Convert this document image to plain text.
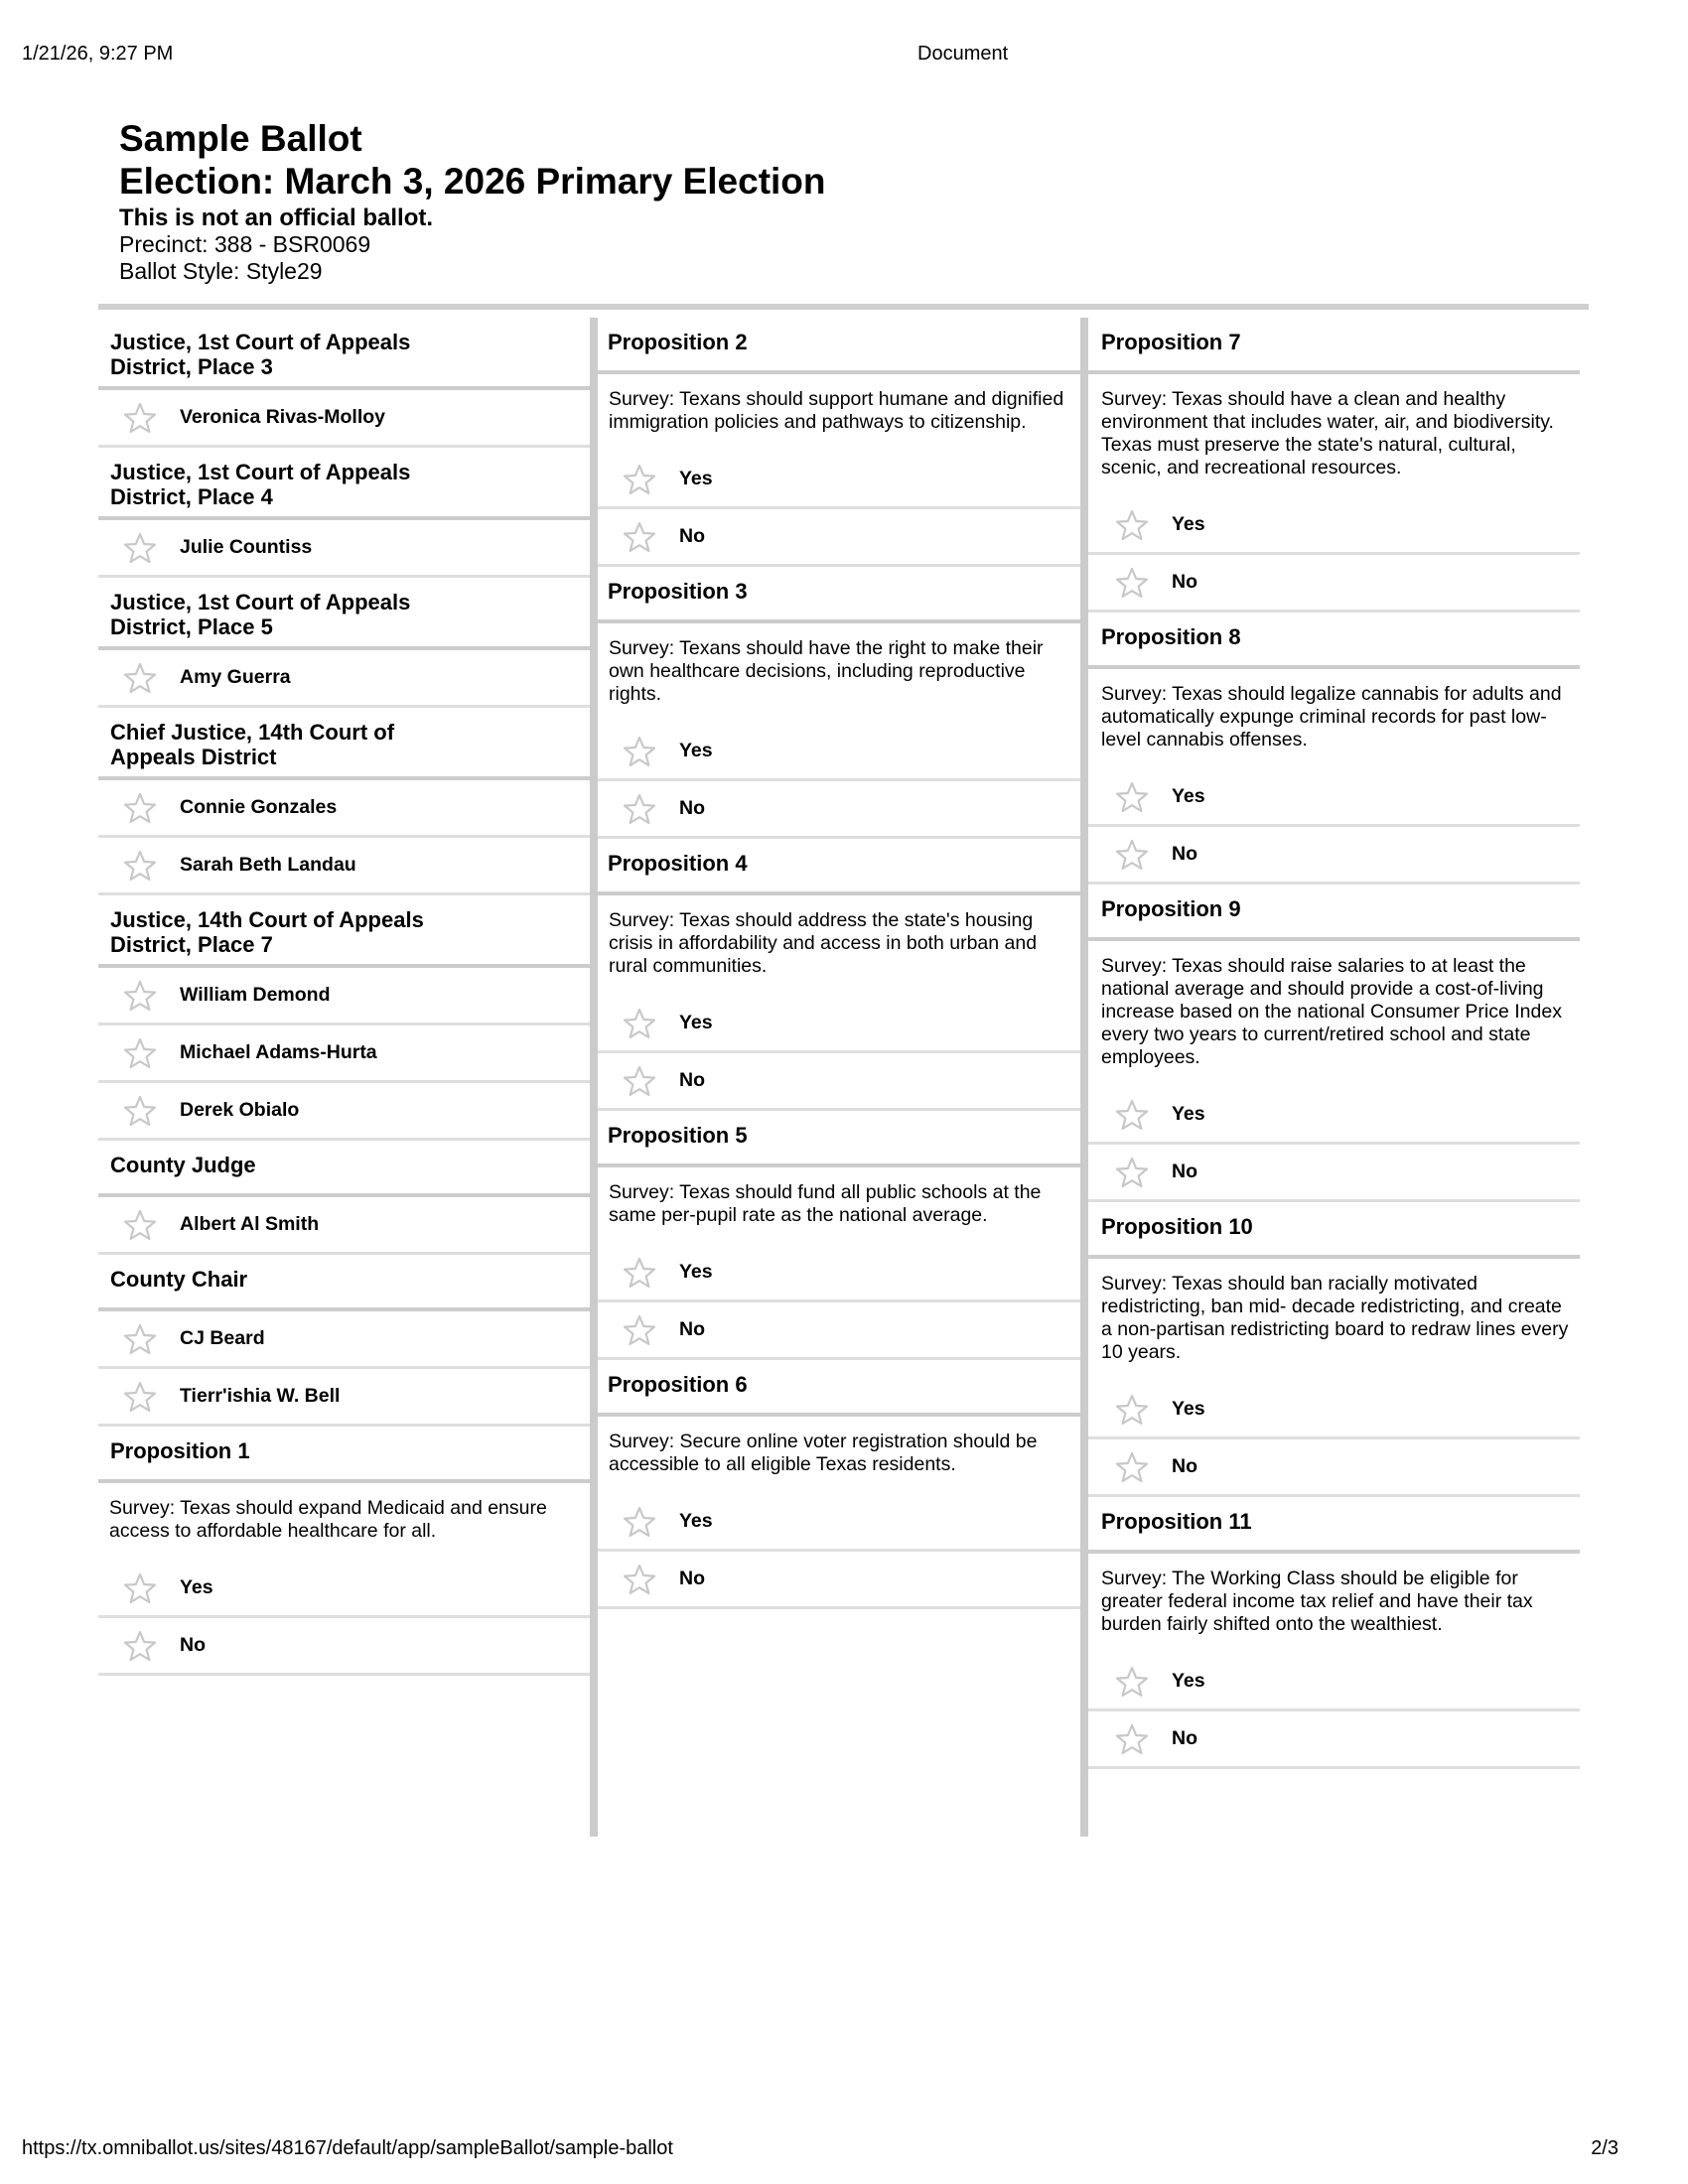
1/21/26, 9:27 PM	Document
Sample Ballot
Election: March 3, 2026 Primary Election
This is not an official ballot.
Precinct: 388 - BSR0069
Ballot Style: Style29
Justice, 1st Court of Appeals
District, Place 3
Veronica Rivas-Molloy
Justice, 1st Court of Appeals
District, Place 4
Julie Countiss
Justice, 1st Court of Appeals
District, Place 5
Amy Guerra
Chief Justice, 14th Court of
Appeals District
Connie Gonzales
Sarah Beth Landau
Justice, 14th Court of Appeals
District, Place 7
William Demond
Michael Adams-Hurta
Derek Obialo
County Judge
Albert Al Smith
County Chair
CJ Beard
Tierr'ishia W. Bell
Proposition 1
Survey: Texas should expand Medicaid and ensure access to affordable healthcare for all.
Yes
No
Proposition 2
Survey: Texans should support humane and dignified immigration policies and pathways to citizenship.
Yes
No
Proposition 3
Survey: Texans should have the right to make their own healthcare decisions, including reproductive rights.
Yes
No
Proposition 4
Survey: Texas should address the state's housing crisis in affordability and access in both urban and rural communities.
Yes
No
Proposition 5
Survey: Texas should fund all public schools at the same per-pupil rate as the national average.
Yes
No
Proposition 6
Survey: Secure online voter registration should be accessible to all eligible Texas residents.
Yes
No
Proposition 7
Survey: Texas should have a clean and healthy environment that includes water, air, and biodiversity. Texas must preserve the state's natural, cultural, scenic, and recreational resources.
Yes
No
Proposition 8
Survey: Texas should legalize cannabis for adults and automatically expunge criminal records for past low-level cannabis offenses.
Yes
No
Proposition 9
Survey: Texas should raise salaries to at least the national average and should provide a cost-of-living increase based on the national Consumer Price Index every two years to current/retired school and state employees.
Yes
No
Proposition 10
Survey: Texas should ban racially motivated redistricting, ban mid- decade redistricting, and create a non-partisan redistricting board to redraw lines every 10 years.
Yes
No
Proposition 11
Survey: The Working Class should be eligible for greater federal income tax relief and have their tax burden fairly shifted onto the wealthiest.
Yes
No
https://tx.omniballot.us/sites/48167/default/app/sampleBallot/sample-ballot	2/3
